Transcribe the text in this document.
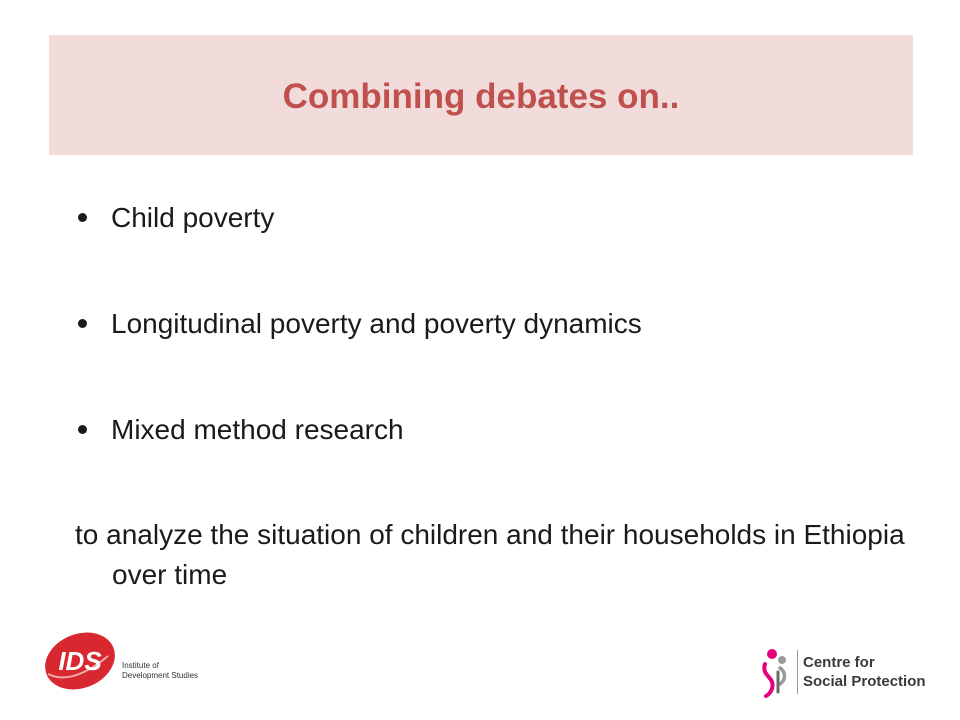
Combining debates on..
Child poverty
Longitudinal poverty and poverty dynamics
Mixed method research

to analyze the situation of children and their households in Ethiopia over time

IDS	Institute of
Development Studies
Centre for
Social Protection
